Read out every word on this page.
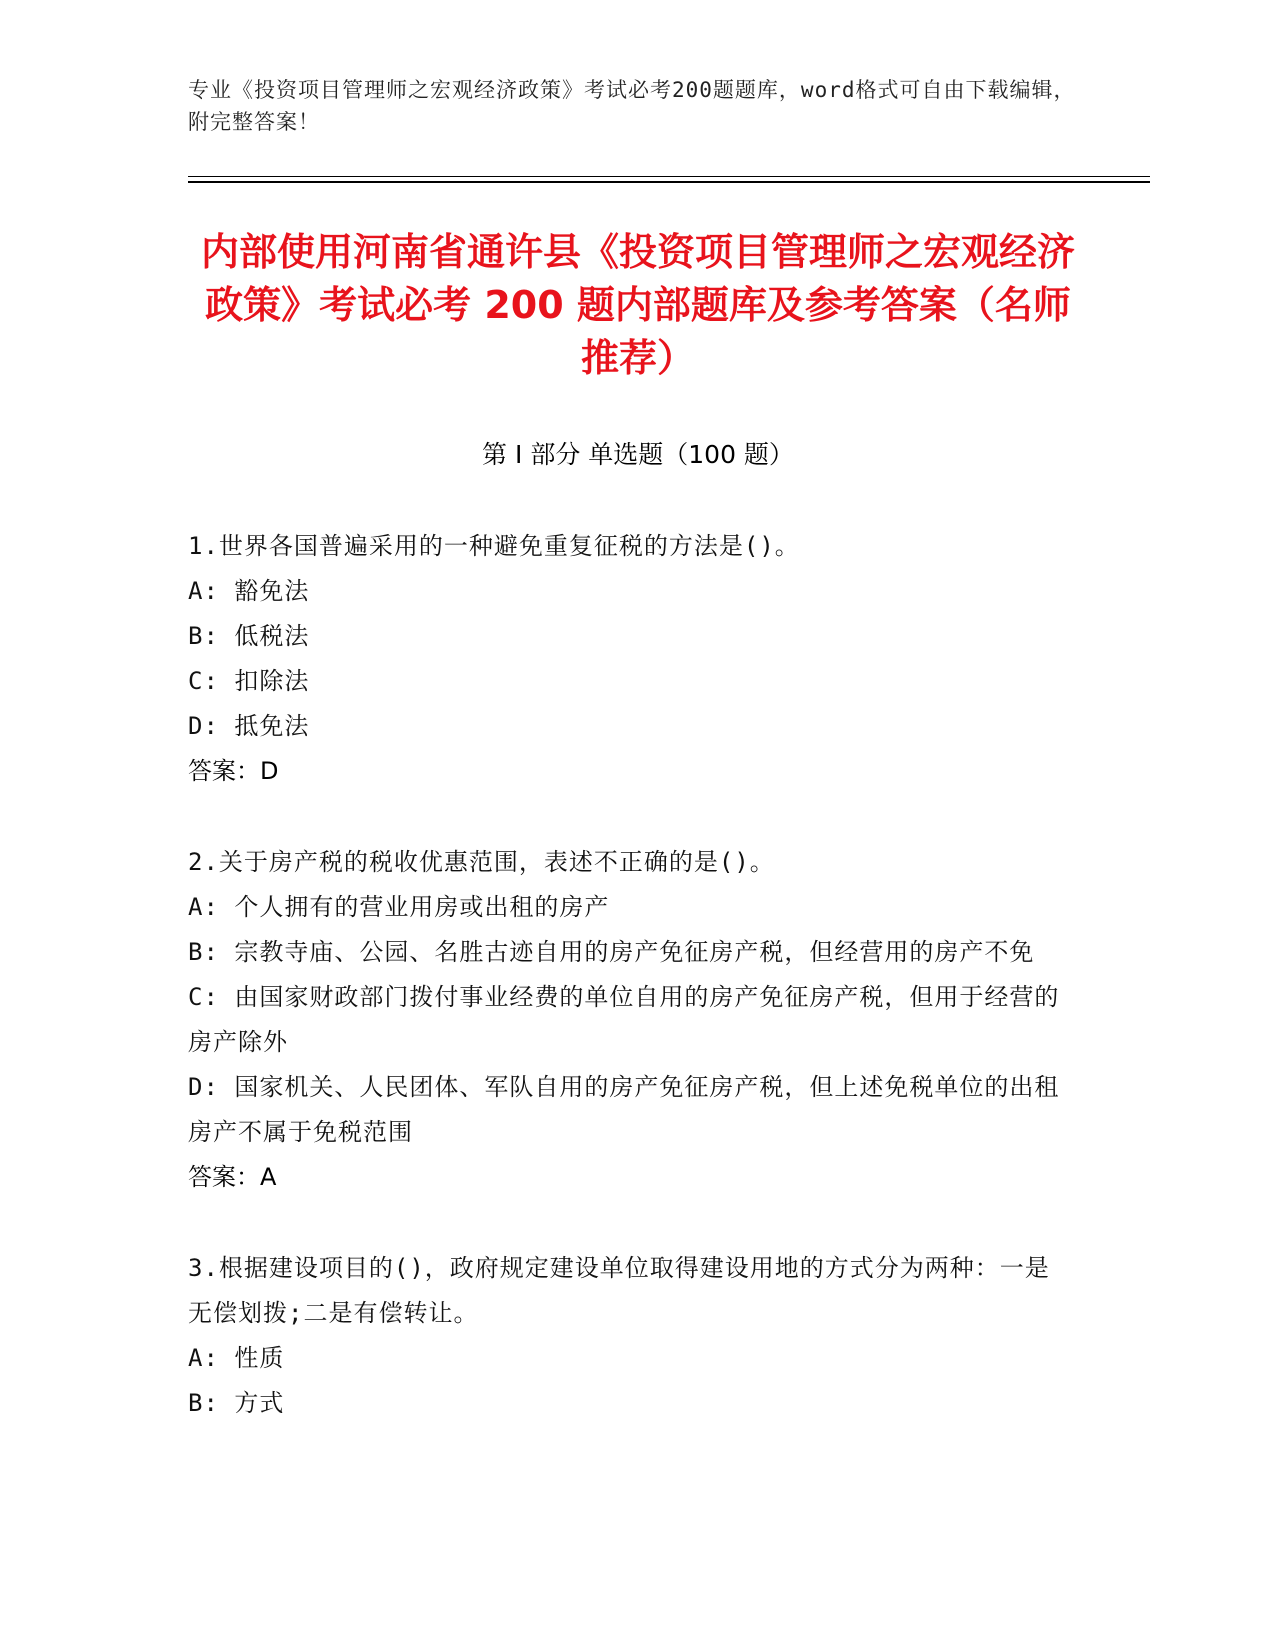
专业《投资项目管理师之宏观经济政策》考试必考200题题库，word格式可自由下载编辑，附完整答案！
内部使用河南省通许县《投资项目管理师之宏观经济政策》考试必考 200 题内部题库及参考答案（名师推荐）
第 I 部分 单选题（100 题）

1.世界各国普遍采用的一种避免重复征税的方法是()。

A: 豁免法

B: 低税法

C: 扣除法

D: 抵免法

答案：D

2.关于房产税的税收优惠范围，表述不正确的是()。

A: 个人拥有的营业用房或出租的房产

B: 宗教寺庙、公园、名胜古迹自用的房产免征房产税，但经营用的房产不免

C: 由国家财政部门拨付事业经费的单位自用的房产免征房产税，但用于经营的房产除外

D: 国家机关、人民团体、军队自用的房产免征房产税，但上述免税单位的出租房产不属于免税范围

答案：A

3.根据建设项目的()，政府规定建设单位取得建设用地的方式分为两种：一是无偿划拨;二是有偿转让。

A: 性质

B: 方式
